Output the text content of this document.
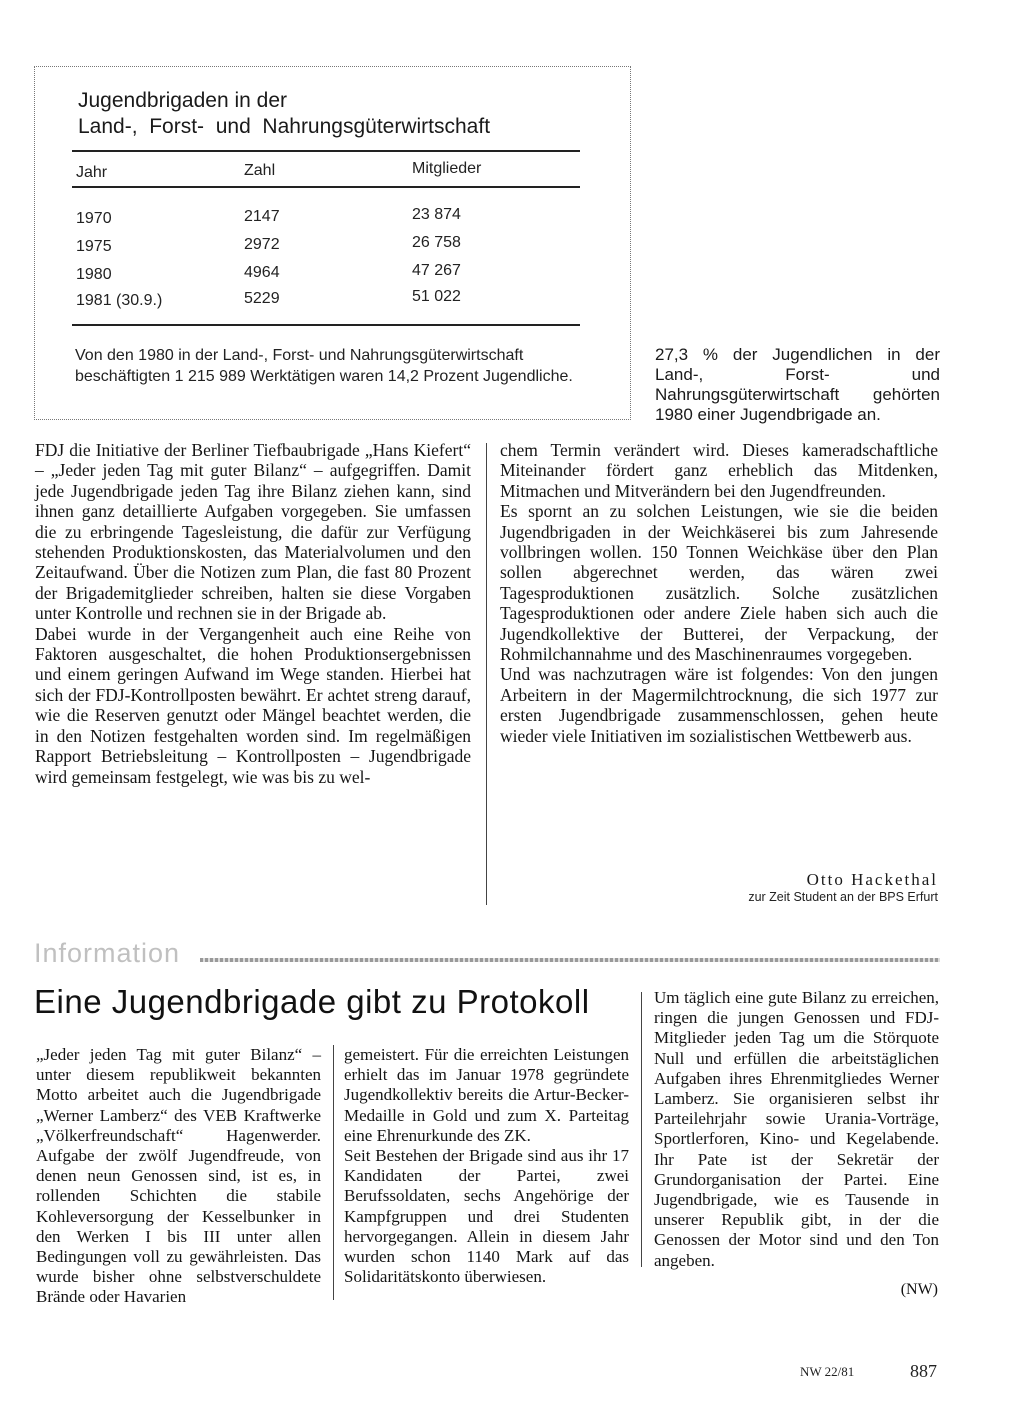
Jugendbrigaden in der
Land-,  Forst-  und  Nahrungsgüterwirtschaft
Jahr	Zahl	Mitglieder
1970	2147	23 874
1975	2972	26 758
1980	4964	47 267
1981 (30.9.)	5229	51 022
Von den 1980 in der Land-, Forst- und Nahrungsgüterwirtschaft beschäftigten 1 215 989 Werktätigen waren 14,2 Prozent Jugendliche.
27,3 % der Jugendlichen in der Land-, Forst- und Nahrungsgüterwirtschaft gehörten 1980 einer Jugendbrigade an.

FDJ die Initiative der Berliner Tiefbaubrigade „Hans Kiefert“ – „Jeder jeden Tag mit guter Bilanz“ – aufgegriffen. Damit jede Jugendbrigade jeden Tag ihre Bilanz ziehen kann, sind ihnen ganz detaillierte Aufgaben vorgegeben. Sie umfassen die zu erbringende Tagesleistung, die dafür zur Verfügung stehenden Produktionskosten, das Materialvolumen und den Zeitaufwand. Über die Notizen zum Plan, die fast 80 Prozent der Brigademitglieder schreiben, halten sie diese Vorgaben unter Kontrolle und rechnen sie in der Brigade ab.

Dabei wurde in der Vergangenheit auch eine Reihe von Faktoren ausgeschaltet, die hohen Produktionsergebnissen und einem geringen Aufwand im Wege standen. Hierbei hat sich der FDJ-Kontrollposten bewährt. Er achtet streng darauf, wie die Reserven genutzt oder Mängel beachtet werden, die in den Notizen festgehalten worden sind. Im regelmäßigen Rapport Betriebsleitung – Kontrollposten – Jugendbrigade wird gemeinsam festgelegt, wie was bis zu wel-

chem Termin verändert wird. Dieses kameradschaftliche Miteinander fördert ganz erheblich das Mitdenken, Mitmachen und Mitverändern bei den Jugendfreunden.

Es spornt an zu solchen Leistungen, wie sie die beiden Jugendbrigaden in der Weichkäserei bis zum Jahresende vollbringen wollen. 150 Tonnen Weichkäse über den Plan sollen abgerechnet werden, das wären zwei Tagesproduktionen zusätzlich. Solche zusätzlichen Tagesproduktionen oder andere Ziele haben sich auch die Jugendkollektive der Butterei, der Verpackung, der Rohmilchannahme und des Maschinenraumes vorgegeben.

Und was nachzutragen wäre ist folgendes: Von den jungen Arbeitern in der Magermilchtrocknung, die sich 1977 zur ersten Jugendbrigade zusammenschlossen, gehen heute wieder viele Initiativen im sozialistischen Wettbewerb aus.

Otto Hackethal
zur Zeit Student an der BPS Erfurt
Information
Eine Jugendbrigade gibt zu Protokoll

„Jeder jeden Tag mit guter Bilanz“ – unter diesem republikweit bekannten Motto arbeitet auch die Jugendbrigade „Werner Lamberz“ des VEB Kraftwerke „Völkerfreundschaft“ Hagenwerder. Aufgabe der zwölf Jugendfreude, von denen neun Genossen sind, ist es, in rollenden Schichten die stabile Kohleversorgung der Kesselbunker in den Werken I bis III unter allen Bedingungen voll zu gewährleisten. Das wurde bisher ohne selbstverschuldete Brände oder Havarien

gemeistert. Für die erreichten Leistungen erhielt das im Januar 1978 gegründete Jugendkollektiv bereits die Artur-Becker-Medaille in Gold und zum X. Parteitag eine Ehrenurkunde des ZK.

Seit Bestehen der Brigade sind aus ihr 17 Kandidaten der Partei, zwei Berufssoldaten, sechs Angehörige der Kampfgruppen und drei Studenten hervorgegangen. Allein in diesem Jahr wurden schon 1140 Mark auf das Solidaritätskonto überwiesen.

Um täglich eine gute Bilanz zu erreichen, ringen die jungen Genossen und FDJ-Mitglieder jeden Tag um die Störquote Null und erfüllen die arbeitstäglichen Aufgaben ihres Ehrenmitgliedes Werner Lamberz. Sie organisieren selbst ihr Parteilehrjahr sowie Urania-Vorträge, Sportlerforen, Kino- und Kegelabende. Ihr Pate ist der Sekretär der Grundorganisation der Partei. Eine Jugendbrigade, wie es Tausende in unserer Republik gibt, in der die Genossen der Motor sind und den Ton angeben.

(NW)
NW 22/81	887
